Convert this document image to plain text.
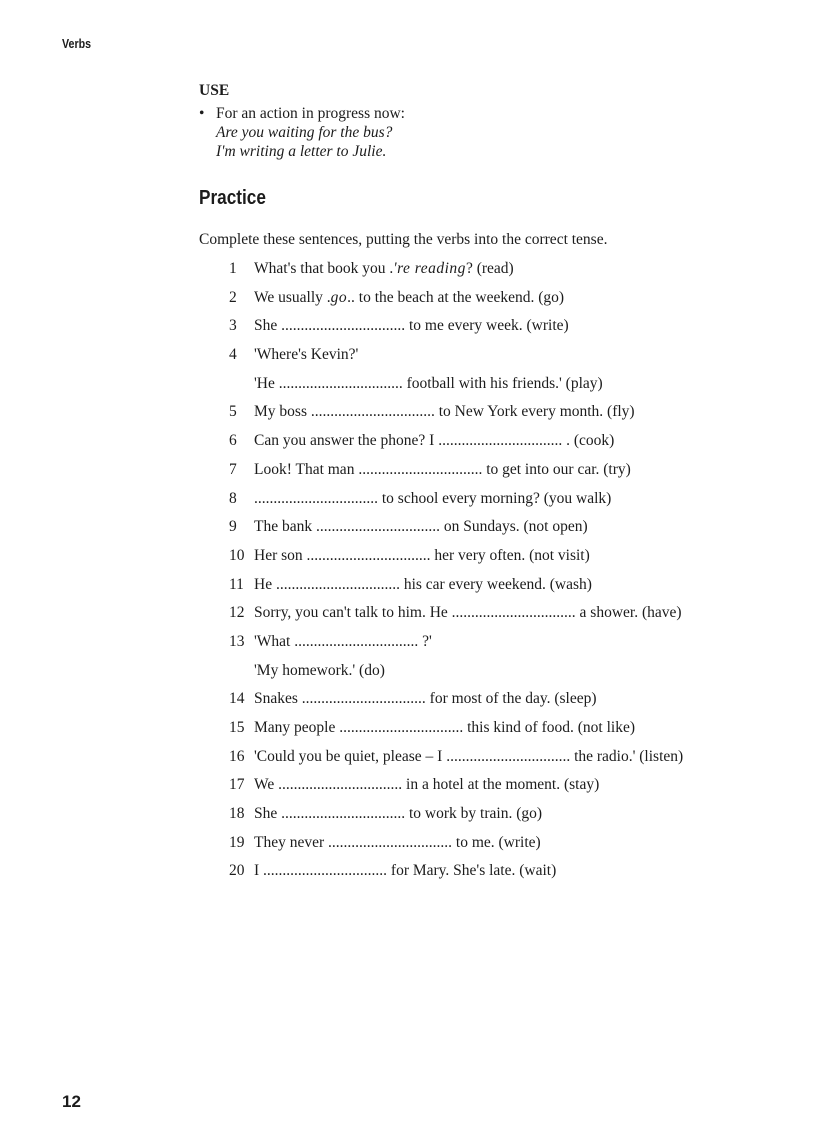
Verbs
USE
• For an action in progress now:
Are you waiting for the bus?
I'm writing a letter to Julie.
Practice
Complete these sentences, putting the verbs into the correct tense.
1	What's that book you .'re reading? (read)
2	We usually .go.. to the beach at the weekend. (go)
3	She ................................ to me every week. (write)
4	'Where's Kevin?'
'He ................................ football with his friends.' (play)
5	My boss ................................ to New York every month. (fly)
6	Can you answer the phone? I ................................ . (cook)
7	Look! That man ................................ to get into our car. (try)
8	................................ to school every morning? (you walk)
9	The bank ................................ on Sundays. (not open)
10 Her son ................................ her very often. (not visit)
11 He ................................ his car every weekend. (wash)
12 Sorry, you can't talk to him. He ................................ a shower. (have)
13 'What ................................ ?'
'My homework.' (do)
14 Snakes ................................ for most of the day. (sleep)
15 Many people ................................ this kind of food. (not like)
16 'Could you be quiet, please – I ................................ the radio.' (listen)
17 We ................................ in a hotel at the moment. (stay)
18 She ................................ to work by train. (go)
19 They never ................................ to me. (write)
20 I ................................ for Mary. She's late. (wait)
12
